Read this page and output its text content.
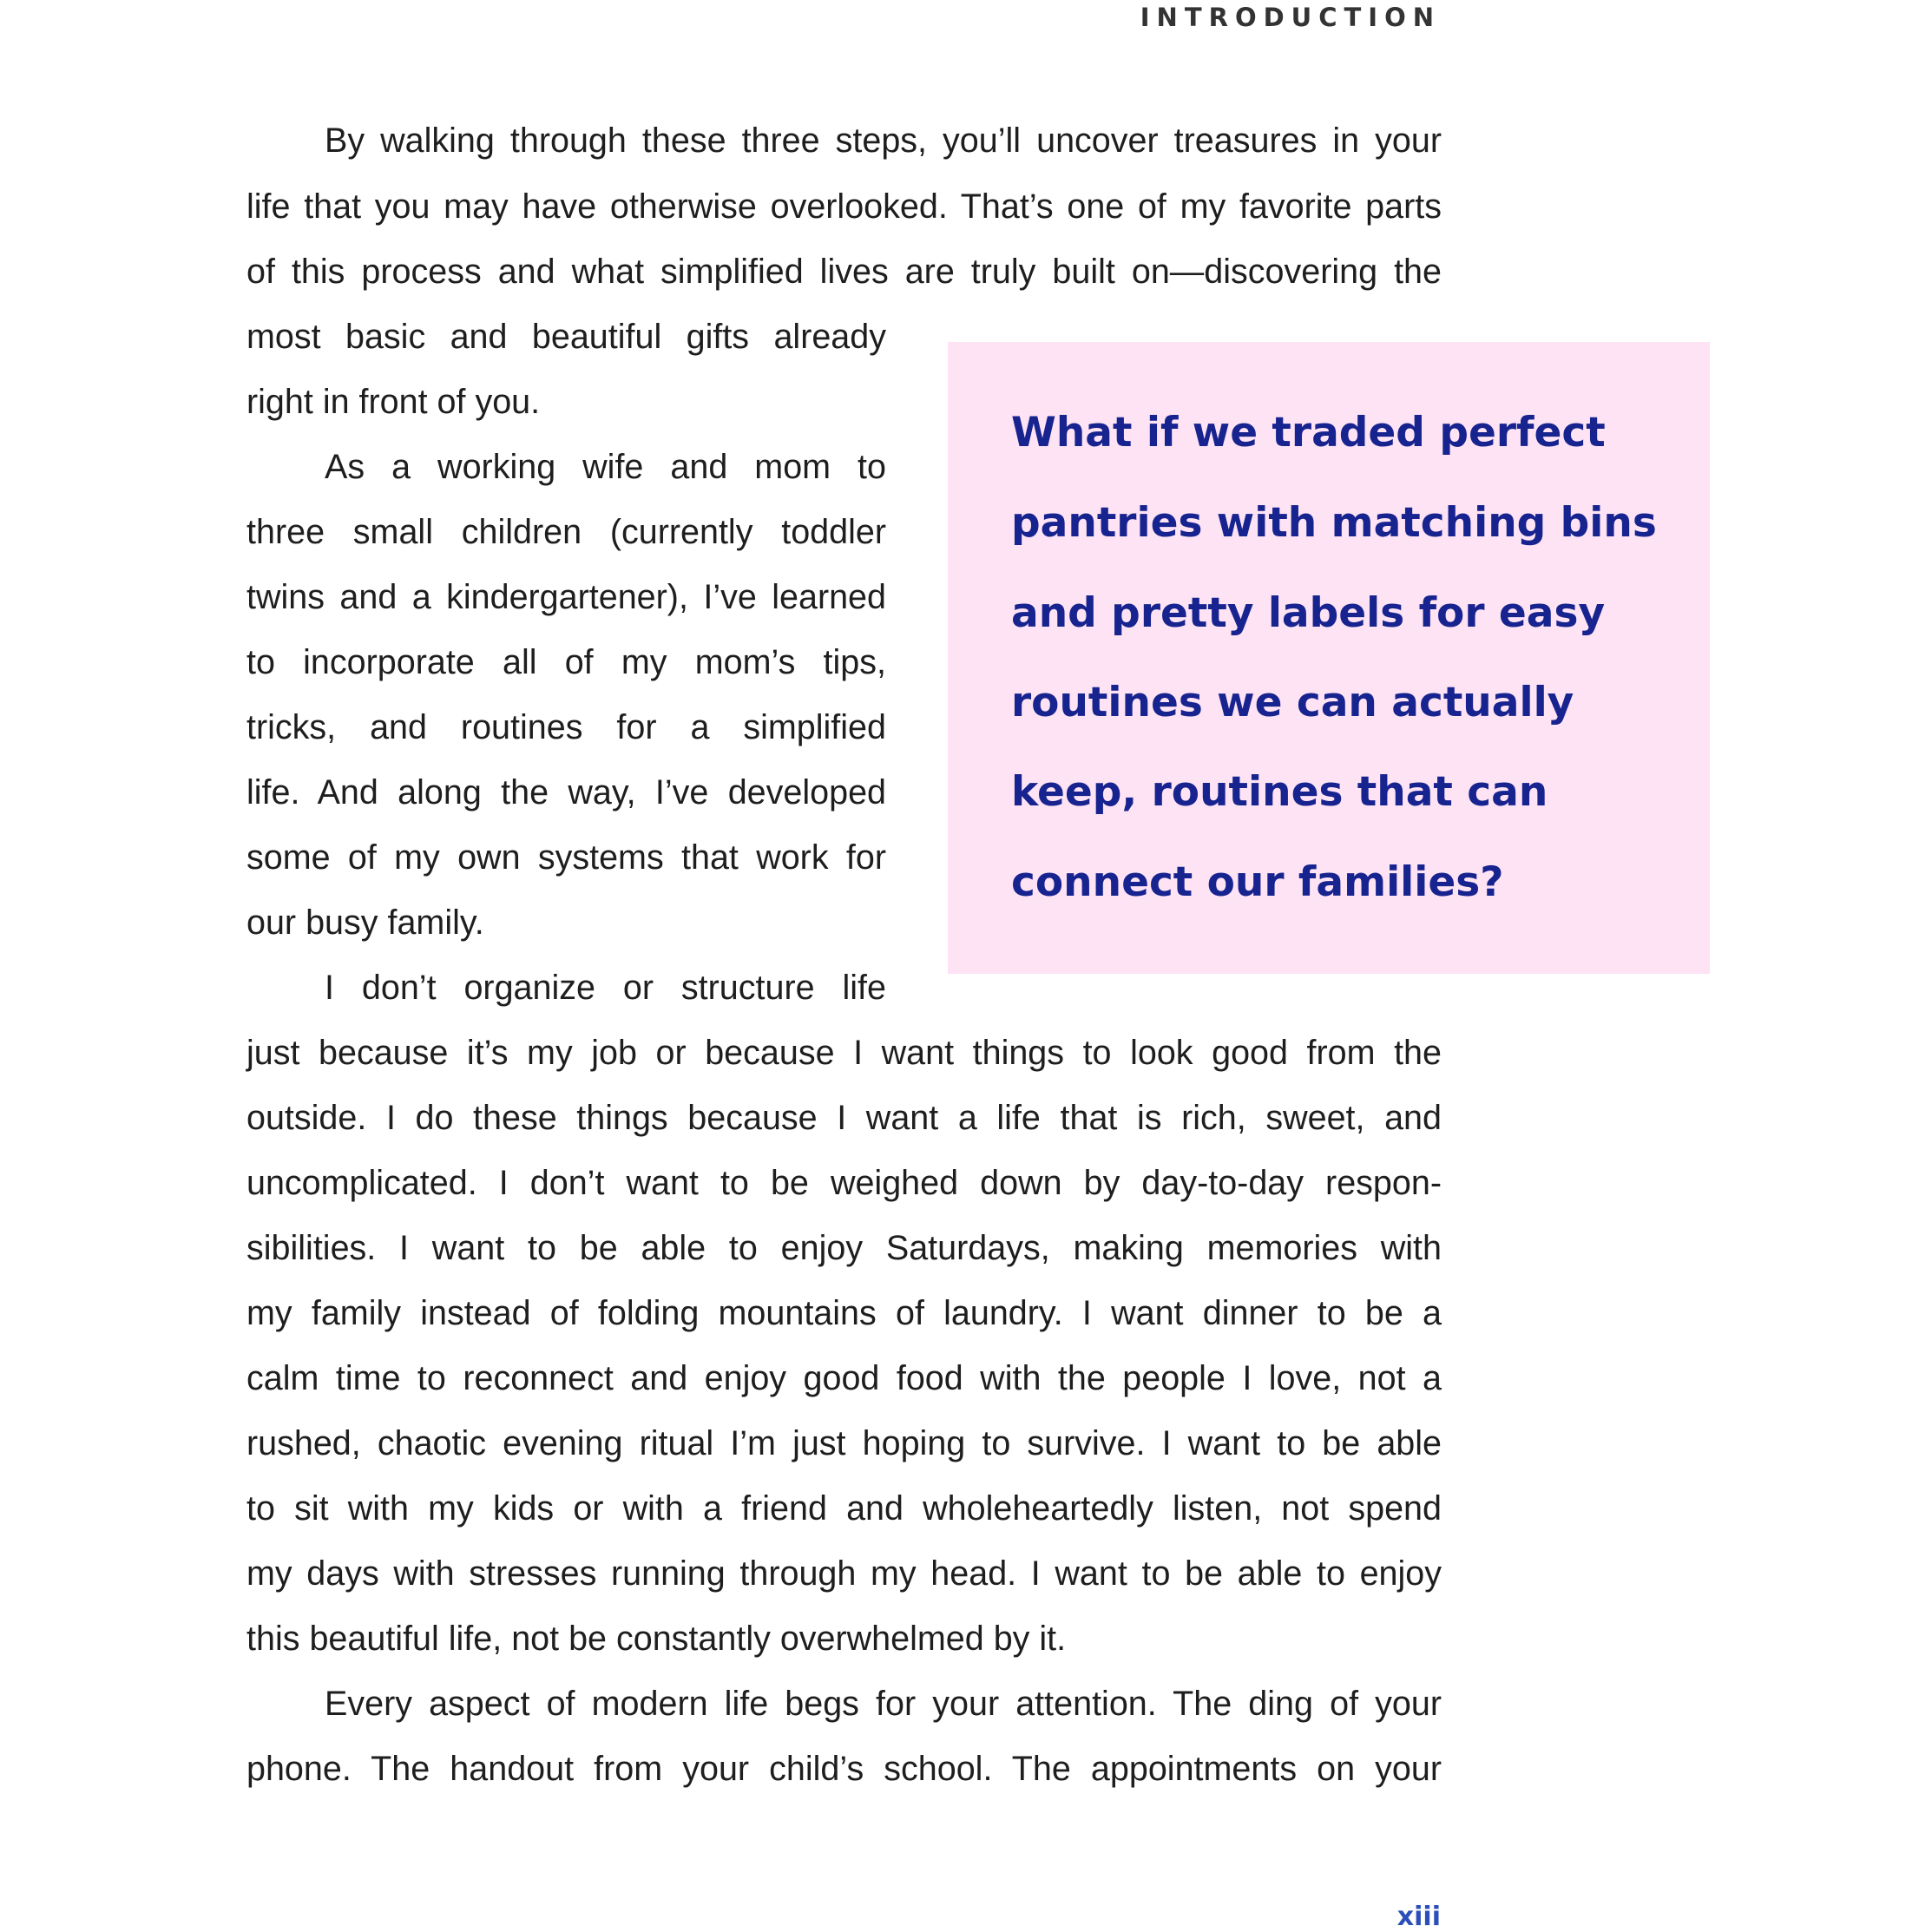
INTRODUCTION
By walking through these three steps, you’ll uncover treasures in your
life that you may have otherwise overlooked. That’s one of my favorite parts
of this process and what simplified lives are truly built on—discovering the
most basic and beautiful gifts already
right in front of you.
As a working wife and mom to
three small children (currently toddler
twins and a kindergartener), I’ve learned
to incorporate all of my mom’s tips,
tricks, and routines for a simplified
life. And along the way, I’ve developed
some of my own systems that work for
our busy family.
I don’t organize or structure life
just because it’s my job or because I want things to look good from the
outside. I do these things because I want a life that is rich, sweet, and
uncomplicated. I don’t want to be weighed down by day-to-day respon-
sibilities. I want to be able to enjoy Saturdays, making memories with
my family instead of folding mountains of laundry. I want dinner to be a
calm time to reconnect and enjoy good food with the people I love, not a
rushed, chaotic evening ritual I’m just hoping to survive. I want to be able
to sit with my kids or with a friend and wholeheartedly listen, not spend
my days with stresses running through my head. I want to be able to enjoy
this beautiful life, not be constantly overwhelmed by it.
Every aspect of modern life begs for your attention. The ding of your
phone. The handout from your child’s school. The appointments on your
What if we traded perfect
pantries with matching bins
and pretty labels for easy
routines we can actually
keep, routines that can
connect our families?
xiii
